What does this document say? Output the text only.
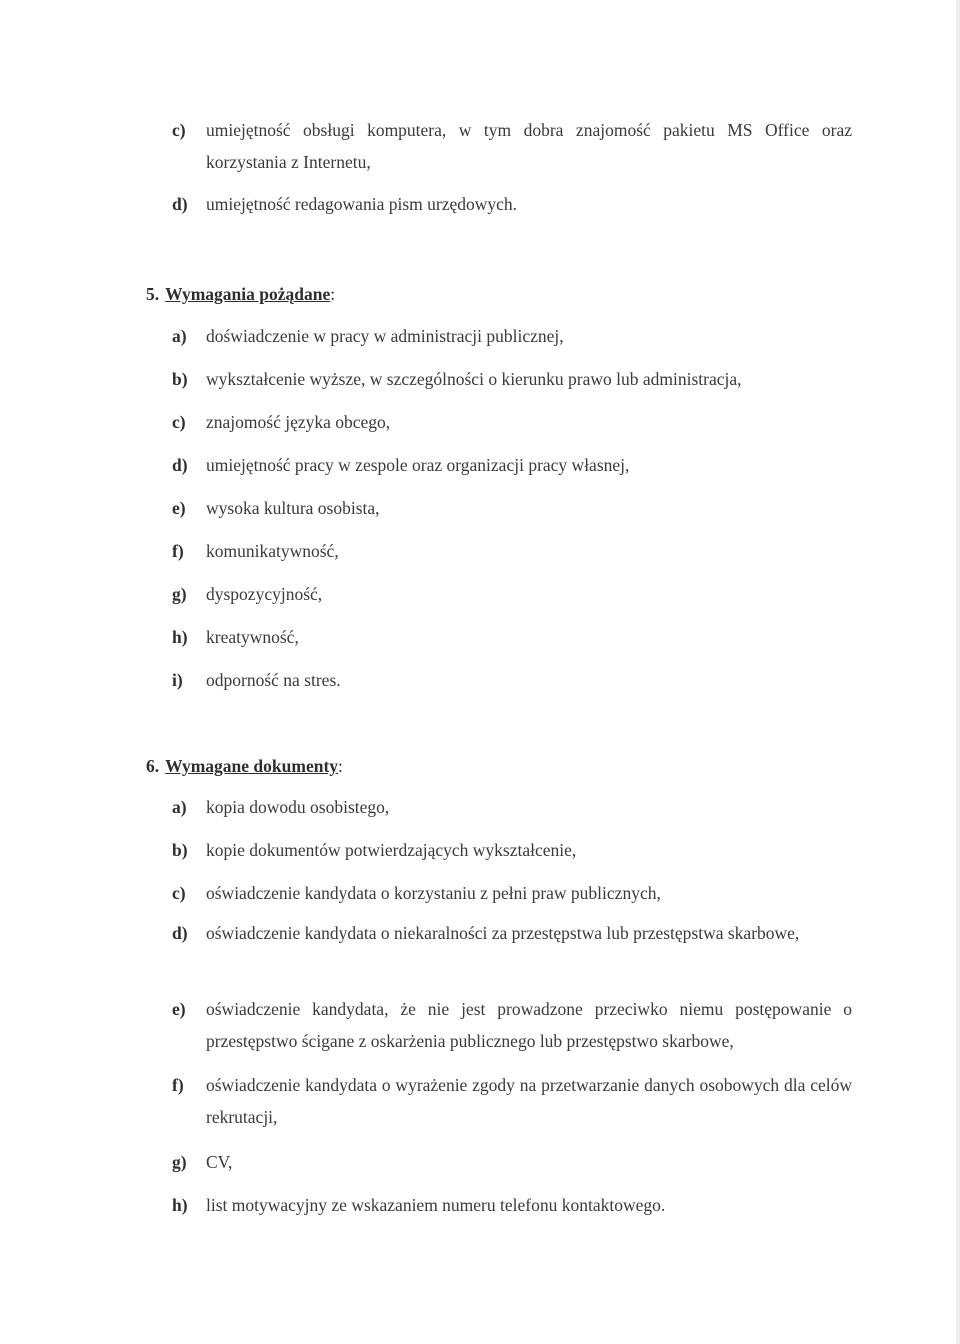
c) umiejętność obsługi komputera, w tym dobra znajomość pakietu MS Office oraz korzystania z Internetu,
d) umiejętność redagowania pism urzędowych.
5. Wymagania pożądane:
a) doświadczenie w pracy w administracji publicznej,
b) wykształcenie wyższe, w szczególności o kierunku prawo lub administracja,
c) znajomość języka obcego,
d) umiejętność pracy w zespole oraz organizacji pracy własnej,
e) wysoka kultura osobista,
f) komunikatywność,
g) dyspozycyjność,
h) kreatywność,
i) odporność na stres.
6. Wymagane dokumenty:
a) kopia dowodu osobistego,
b) kopie dokumentów potwierdzających wykształcenie,
c) oświadczenie kandydata o korzystaniu z pełni praw publicznych,
d) oświadczenie kandydata o niekaralności za przestępstwa lub przestępstwa skarbowe,
e) oświadczenie kandydata, że nie jest prowadzone przeciwko niemu postępowanie o przestępstwo ścigane z oskarżenia publicznego lub przestępstwo skarbowe,
f) oświadczenie kandydata o wyrażenie zgody na przetwarzanie danych osobowych dla celów rekrutacji,
g) CV,
h) list motywacyjny ze wskazaniem numeru telefonu kontaktowego.
